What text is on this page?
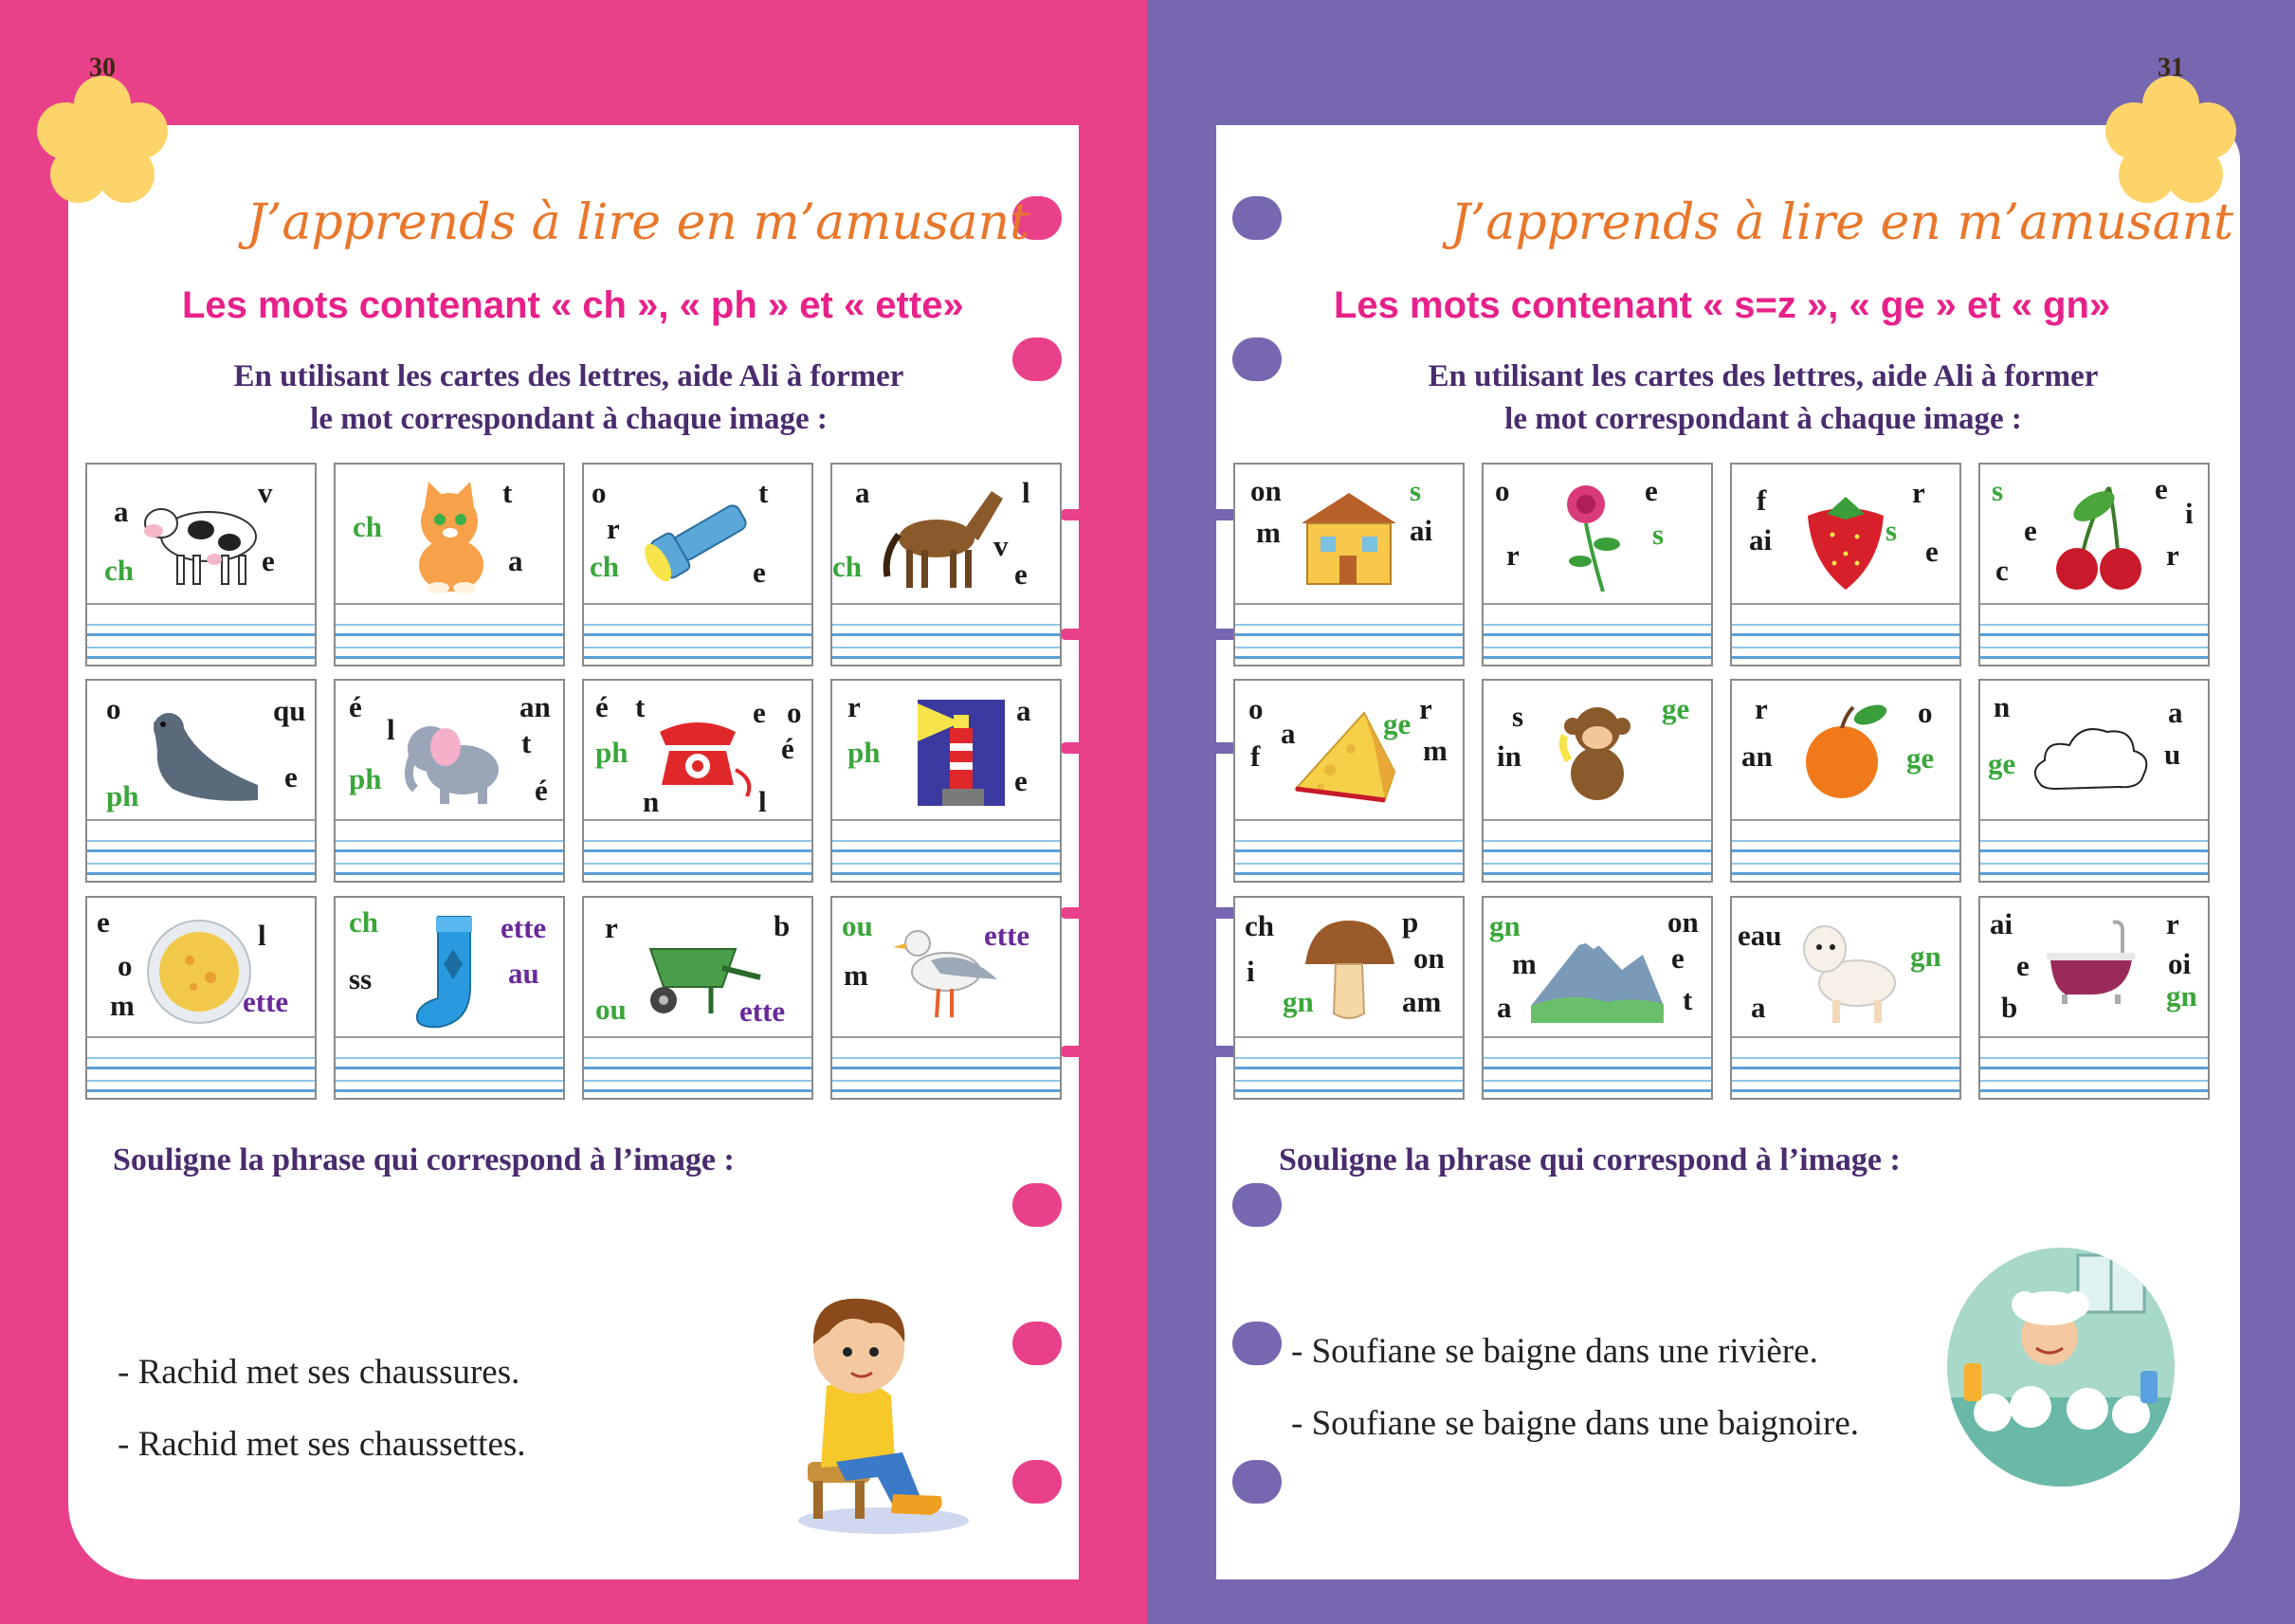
30	31
J’apprends à lire en m’amusant
Les mots contenant « ch », « ph » et « ette»
En utilisant les cartes des lettres, aide Ali à former
le mot correspondant à chaque image :
J’apprends à lire en m’amusant
Les mots contenant « s=z », « ge » et « gn»
En utilisant les cartes des lettres, aide Ali à former
le mot correspondant à chaque image :
a
v
ch	e
t
ch
a
o	t
r
ch	e
a	l
v
ch	e
o	qu
e
ph
é	an
l	t
ph	é
é t	e o
ph	é
n	l
r	a
ph
e
e	l
o
m	ette
ch	ette
ss	au
r	b
ou	ette
ou	ette
m
on	s
m	ai
o	e
s
r
f	r
ai	s
e
s	e
i
e
r
c
o	r
a	ge
f	m
s	ge
in
r	o
an	ge
n	a
ge	u
ch	p
i	on
gn	am
gn	on
m	e
a	t
eau
gn
a
ai	r
e	oi
gn
b
Souligne la phrase qui correspond à l’image :
- Rachid met ses chaussures.
- Rachid met ses chaussettes.
Souligne la phrase qui correspond à l’image :
- Soufiane se baigne dans une rivière.
- Soufiane se baigne dans une baignoire.
